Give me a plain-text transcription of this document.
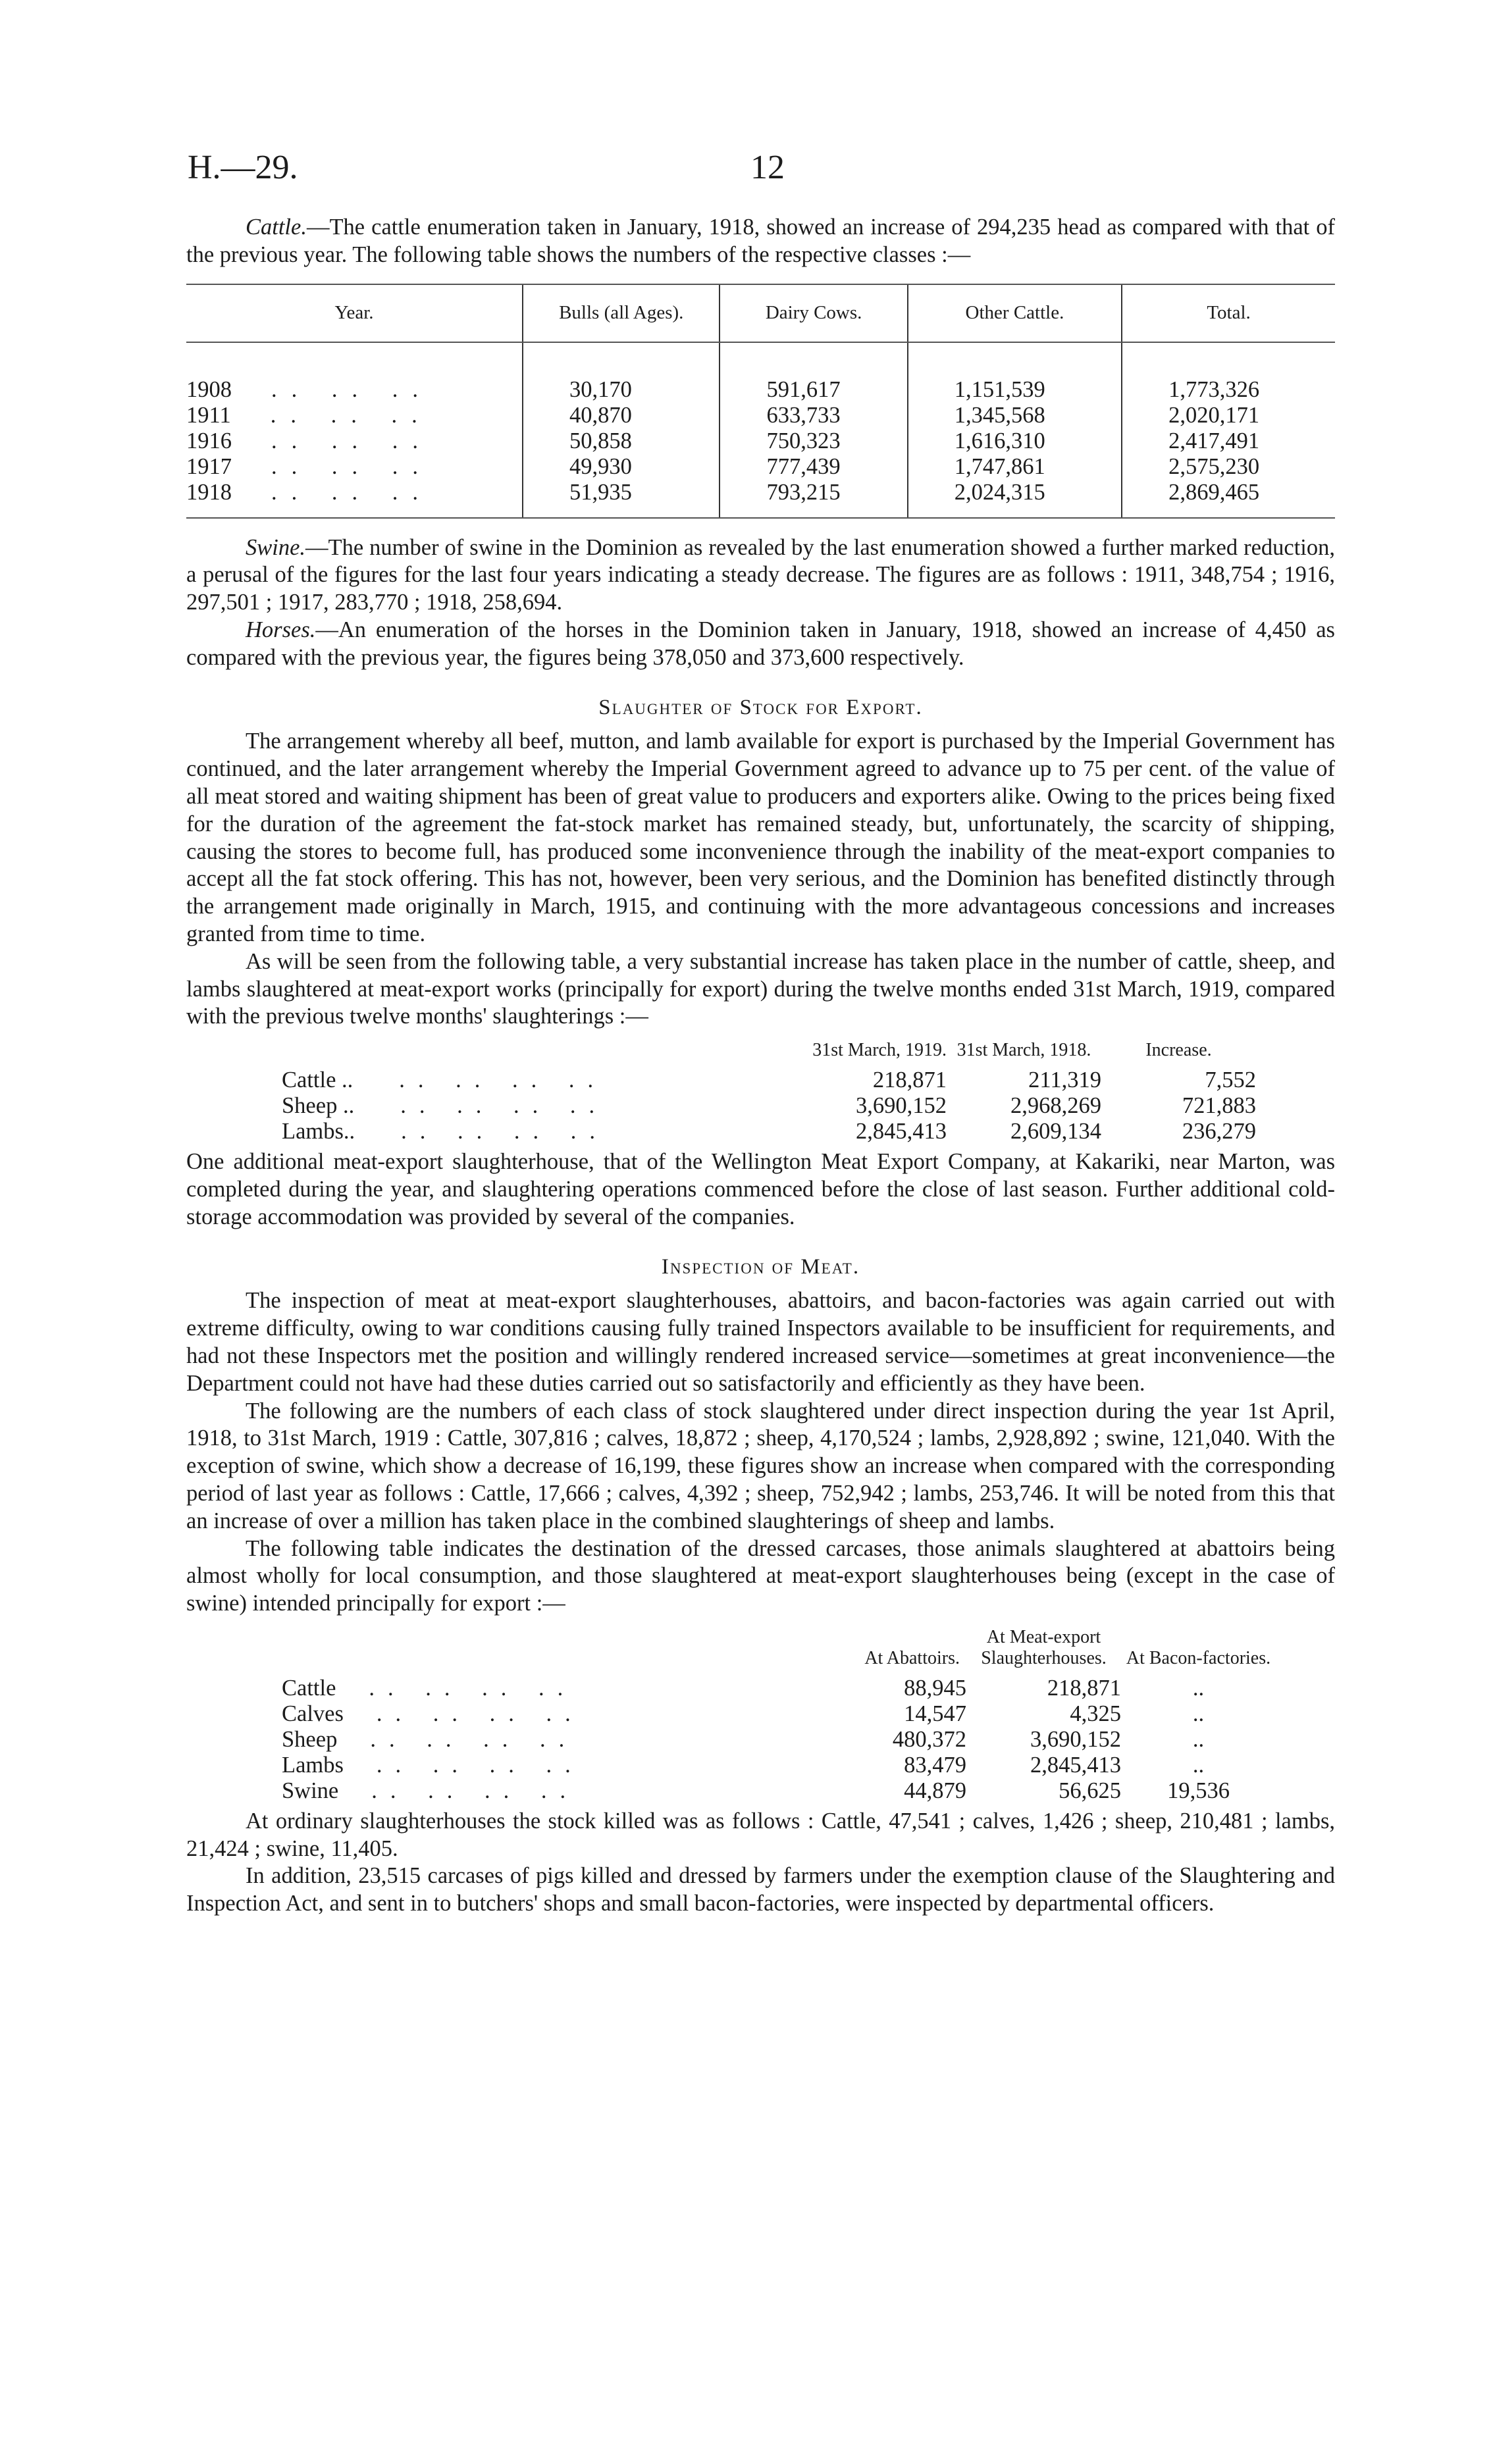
H.—29.	12

Cattle.—The cattle enumeration taken in January, 1918, showed an increase of 294,235 head as compared with that of the previous year. The following table shows the numbers of the respective classes :—

Year.	Bulls (all Ages).	Dairy Cows.	Other Cattle.	Total.
1908 .. .. ..	30,170	591,617	1,151,539	1,773,326
1911 .. .. ..	40,870	633,733	1,345,568	2,020,171
1916 .. .. ..	50,858	750,323	1,616,310	2,417,491
1917 .. .. ..	49,930	777,439	1,747,861	2,575,230
1918 .. .. ..	51,935	793,215	2,024,315	2,869,465

Swine.—The number of swine in the Dominion as revealed by the last enumeration showed a further marked reduction, a perusal of the figures for the last four years indicating a steady decrease. The figures are as follows : 1911, 348,754 ; 1916, 297,501 ; 1917, 283,770 ; 1918, 258,694.

Horses.—An enumeration of the horses in the Dominion taken in January, 1918, showed an increase of 4,450 as compared with the previous year, the figures being 378,050 and 373,600 respectively.

Slaughter of Stock for Export.

The arrangement whereby all beef, mutton, and lamb available for export is purchased by the Imperial Government has continued, and the later arrangement whereby the Imperial Government agreed to advance up to 75 per cent. of the value of all meat stored and waiting shipment has been of great value to producers and exporters alike. Owing to the prices being fixed for the duration of the agreement the fat-stock market has remained steady, but, unfortunately, the scarcity of shipping, causing the stores to become full, has produced some inconvenience through the inability of the meat-export companies to accept all the fat stock offering. This has not, however, been very serious, and the Dominion has benefited distinctly through the arrangement made originally in March, 1915, and continuing with the more advantageous concessions and increases granted from time to time.

As will be seen from the following table, a very substantial increase has taken place in the number of cattle, sheep, and lambs slaughtered at meat-export works (principally for export) during the twelve months ended 31st March, 1919, compared with the previous twelve months' slaughterings :—

	31st March, 1919.		31st March, 1918.	Increase.
Cattle .. .. .. .. ..		218,871	211,319	7,552
Sheep .. .. .. .. ..		3,690,152	2,968,269	721,883
Lambs.. .. .. .. ..		2,845,413	2,609,134	236,279

One additional meat-export slaughterhouse, that of the Wellington Meat Export Company, at Kakariki, near Marton, was completed during the year, and slaughtering operations commenced before the close of last season. Further additional cold-storage accommodation was provided by several of the companies.

Inspection of Meat.

The inspection of meat at meat-export slaughterhouses, abattoirs, and bacon-factories was again carried out with extreme difficulty, owing to war conditions causing fully trained Inspectors available to be insufficient for requirements, and had not these Inspectors met the position and willingly rendered increased service—sometimes at great inconvenience—the Department could not have had these duties carried out so satisfactorily and efficiently as they have been.

The following are the numbers of each class of stock slaughtered under direct inspection during the year 1st April, 1918, to 31st March, 1919 : Cattle, 307,816 ; calves, 18,872 ; sheep, 4,170,524 ; lambs, 2,928,892 ; swine, 121,040. With the exception of swine, which show a decrease of 16,199, these figures show an increase when compared with the corresponding period of last year as follows : Cattle, 17,666 ; calves, 4,392 ; sheep, 752,942 ; lambs, 253,746. It will be noted from this that an increase of over a million has taken place in the combined slaughterings of sheep and lambs.

The following table indicates the destination of the dressed carcases, those animals slaughtered at abattoirs being almost wholly for local consumption, and those slaughtered at meat-export slaughterhouses being (except in the case of swine) intended principally for export :—

	At Abattoirs.		At Meat-export Slaughterhouses.	At Bacon-factories.
Cattle .. .. .. ..		88,945	218,871	..
Calves .. .. .. ..		14,547	4,325	..
Sheep .. .. .. ..		480,372	3,690,152	..
Lambs .. .. .. ..		83,479	2,845,413	..
Swine .. .. .. ..		44,879	56,625	19,536

At ordinary slaughterhouses the stock killed was as follows : Cattle, 47,541 ; calves, 1,426 ; sheep, 210,481 ; lambs, 21,424 ; swine, 11,405.

In addition, 23,515 carcases of pigs killed and dressed by farmers under the exemption clause of the Slaughtering and Inspection Act, and sent in to butchers' shops and small bacon-factories, were inspected by departmental officers.
